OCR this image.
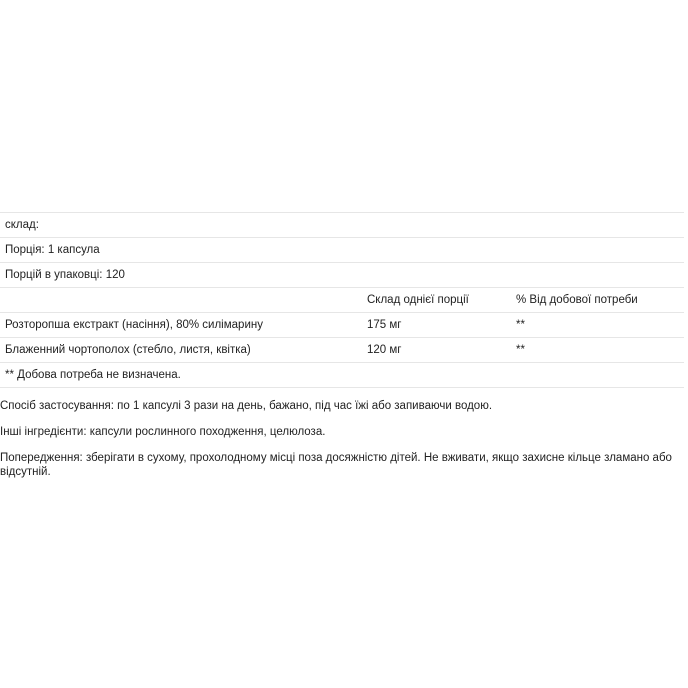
склад:		
Порція: 1 капсула		
Порцій в упаковці: 120		
	Склад однієї порції	% Від добової потреби
Розторопша екстракт (насіння), 80% силімарину	175 мг	**
Блаженний чортополох (стебло, листя, квітка)	120 мг	**
** Добова потреба не визначена.		

Спосіб застосування: по 1 капсулі 3 рази на день, бажано, під час їжі або запиваючи водою.

Інші інгредієнти: капсули рослинного походження, целюлоза.

Попередження: зберігати в сухому, прохолодному місці поза досяжністю дітей. Не вживати, якщо захисне кільце зламано або відсутній.
